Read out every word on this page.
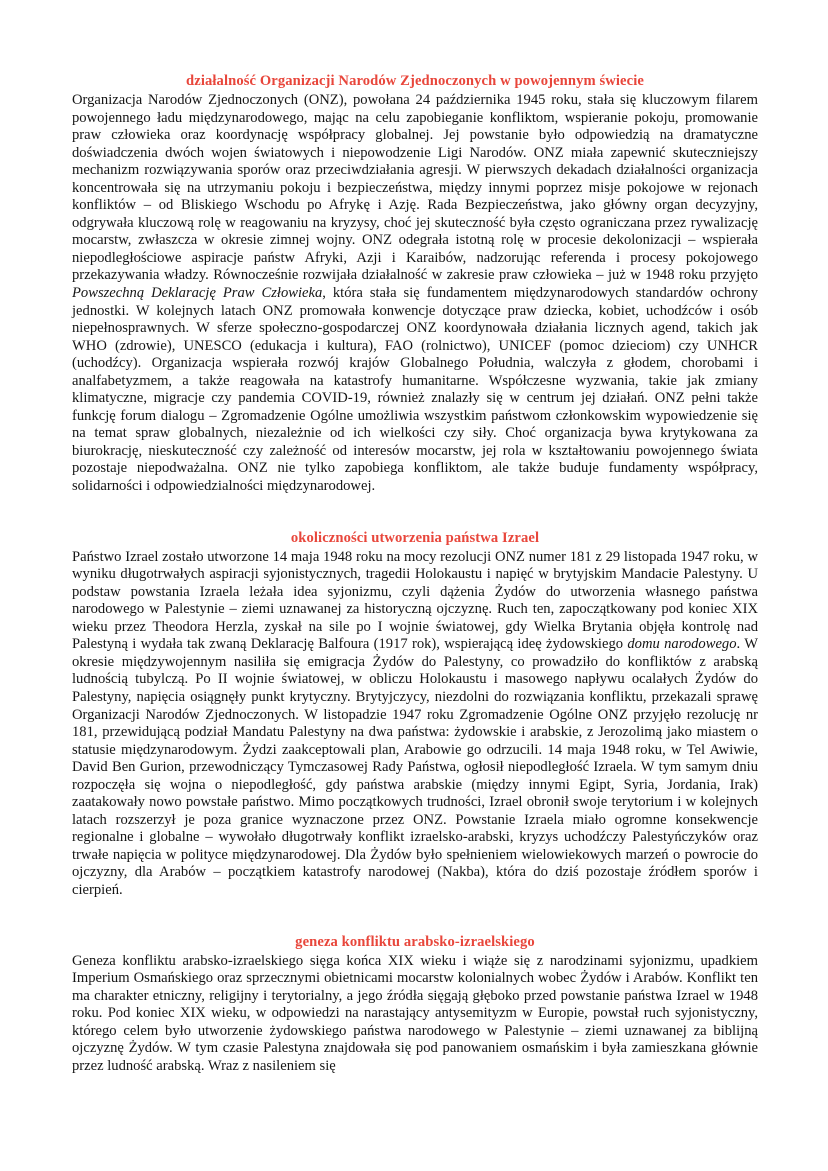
działalność Organizacji Narodów Zjednoczonych w powojennym świecie

Organizacja Narodów Zjednoczonych (ONZ), powołana 24 października 1945 roku, stała się kluczowym filarem powojennego ładu międzynarodowego, mając na celu zapobieganie konfliktom, wspieranie pokoju, promowanie praw człowieka oraz koordynację współpracy globalnej. Jej powstanie było odpowiedzią na dramatyczne doświadczenia dwóch wojen światowych i niepowodzenie Ligi Narodów. ONZ miała zapewnić skuteczniejszy mechanizm rozwiązywania sporów oraz przeciwdziałania agresji. W pierwszych dekadach działalności organizacja koncentrowała się na utrzymaniu pokoju i bezpieczeństwa, między innymi poprzez misje pokojowe w rejonach konfliktów – od Bliskiego Wschodu po Afrykę i Azję. Rada Bezpieczeństwa, jako główny organ decyzyjny, odgrywała kluczową rolę w reagowaniu na kryzysy, choć jej skuteczność była często ograniczana przez rywalizację mocarstw, zwłaszcza w okresie zimnej wojny. ONZ odegrała istotną rolę w procesie dekolonizacji – wspierała niepodległościowe aspiracje państw Afryki, Azji i Karaibów, nadzorując referenda i procesy pokojowego przekazywania władzy. Równocześnie rozwijała działalność w zakresie praw człowieka – już w 1948 roku przyjęto Powszechną Deklarację Praw Człowieka, która stała się fundamentem międzynarodowych standardów ochrony jednostki. W kolejnych latach ONZ promowała konwencje dotyczące praw dziecka, kobiet, uchodźców i osób niepełnosprawnych. W sferze społeczno-gospodarczej ONZ koordynowała działania licznych agend, takich jak WHO (zdrowie), UNESCO (edukacja i kultura), FAO (rolnictwo), UNICEF (pomoc dzieciom) czy UNHCR (uchodźcy). Organizacja wspierała rozwój krajów Globalnego Południa, walczyła z głodem, chorobami i analfabetyzmem, a także reagowała na katastrofy humanitarne. Współczesne wyzwania, takie jak zmiany klimatyczne, migracje czy pandemia COVID-19, również znalazły się w centrum jej działań. ONZ pełni także funkcję forum dialogu – Zgromadzenie Ogólne umożliwia wszystkim państwom członkowskim wypowiedzenie się na temat spraw globalnych, niezależnie od ich wielkości czy siły. Choć organizacja bywa krytykowana za biurokrację, nieskuteczność czy zależność od interesów mocarstw, jej rola w kształtowaniu powojennego świata pozostaje niepodważalna. ONZ nie tylko zapobiega konfliktom, ale także buduje fundamenty współpracy, solidarności i odpowiedzialności międzynarodowej.

okoliczności utworzenia państwa Izrael

Państwo Izrael zostało utworzone 14 maja 1948 roku na mocy rezolucji ONZ numer 181 z 29 listopada 1947 roku, w wyniku długotrwałych aspiracji syjonistycznych, tragedii Holokaustu i napięć w brytyjskim Mandacie Palestyny. U podstaw powstania Izraela leżała idea syjonizmu, czyli dążenia Żydów do utworzenia własnego państwa narodowego w Palestynie – ziemi uznawanej za historyczną ojczyznę. Ruch ten, zapoczątkowany pod koniec XIX wieku przez Theodora Herzla, zyskał na sile po I wojnie światowej, gdy Wielka Brytania objęła kontrolę nad Palestyną i wydała tak zwaną Deklarację Balfoura (1917 rok), wspierającą ideę żydowskiego domu narodowego. W okresie międzywojennym nasiliła się emigracja Żydów do Palestyny, co prowadziło do konfliktów z arabską ludnością tubylczą. Po II wojnie światowej, w obliczu Holokaustu i masowego napływu ocalałych Żydów do Palestyny, napięcia osiągnęły punkt krytyczny. Brytyjczycy, niezdolni do rozwiązania konfliktu, przekazali sprawę Organizacji Narodów Zjednoczonych. W listopadzie 1947 roku Zgromadzenie Ogólne ONZ przyjęło rezolucję nr 181, przewidującą podział Mandatu Palestyny na dwa państwa: żydowskie i arabskie, z Jerozolimą jako miastem o statusie międzynarodowym. Żydzi zaakceptowali plan, Arabowie go odrzucili. 14 maja 1948 roku, w Tel Awiwie, David Ben Gurion, przewodniczący Tymczasowej Rady Państwa, ogłosił niepodległość Izraela. W tym samym dniu rozpoczęła się wojna o niepodległość, gdy państwa arabskie (między innymi Egipt, Syria, Jordania, Irak) zaatakowały nowo powstałe państwo. Mimo początkowych trudności, Izrael obronił swoje terytorium i w kolejnych latach rozszerzył je poza granice wyznaczone przez ONZ. Powstanie Izraela miało ogromne konsekwencje regionalne i globalne – wywołało długotrwały konflikt izraelsko-arabski, kryzys uchodźczy Palestyńczyków oraz trwałe napięcia w polityce międzynarodowej. Dla Żydów było spełnieniem wielowiekowych marzeń o powrocie do ojczyzny, dla Arabów – początkiem katastrofy narodowej (Nakba), która do dziś pozostaje źródłem sporów i cierpień.

geneza konfliktu arabsko-izraelskiego

Geneza konfliktu arabsko-izraelskiego sięga końca XIX wieku i wiąże się z narodzinami syjonizmu, upadkiem Imperium Osmańskiego oraz sprzecznymi obietnicami mocarstw kolonialnych wobec Żydów i Arabów. Konflikt ten ma charakter etniczny, religijny i terytorialny, a jego źródła sięgają głęboko przed powstanie państwa Izrael w 1948 roku. Pod koniec XIX wieku, w odpowiedzi na narastający antysemityzm w Europie, powstał ruch syjonistyczny, którego celem było utworzenie żydowskiego państwa narodowego w Palestynie – ziemi uznawanej za biblijną ojczyznę Żydów. W tym czasie Palestyna znajdowała się pod panowaniem osmańskim i była zamieszkana głównie przez ludność arabską. Wraz z nasileniem się
